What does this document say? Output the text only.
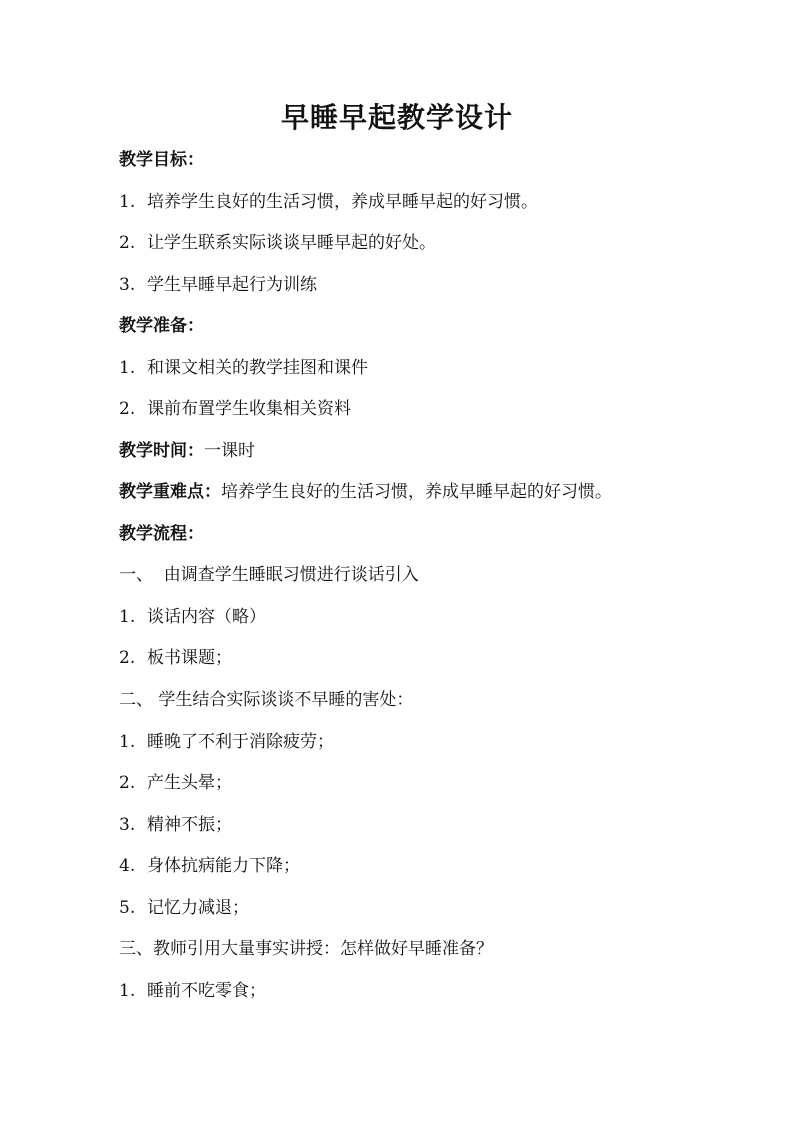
早睡早起教学设计
教学目标：
1. 培养学生良好的生活习惯，养成早睡早起的好习惯。
2. 让学生联系实际谈谈早睡早起的好处。
3. 学生早睡早起行为训练
教学准备：
1. 和课文相关的教学挂图和课件
2. 课前布置学生收集相关资料
教学时间：一课时
教学重难点：培养学生良好的生活习惯，养成早睡早起的好习惯。
教学流程：
一、  由调查学生睡眠习惯进行谈话引入
1. 谈话内容（略）
2. 板书课题；
二、 学生结合实际谈谈不早睡的害处：
1. 睡晚了不利于消除疲劳；
2. 产生头晕；
3. 精神不振；
4. 身体抗病能力下降；
5. 记忆力减退；
三、教师引用大量事实讲授：怎样做好早睡准备？
1. 睡前不吃零食；
